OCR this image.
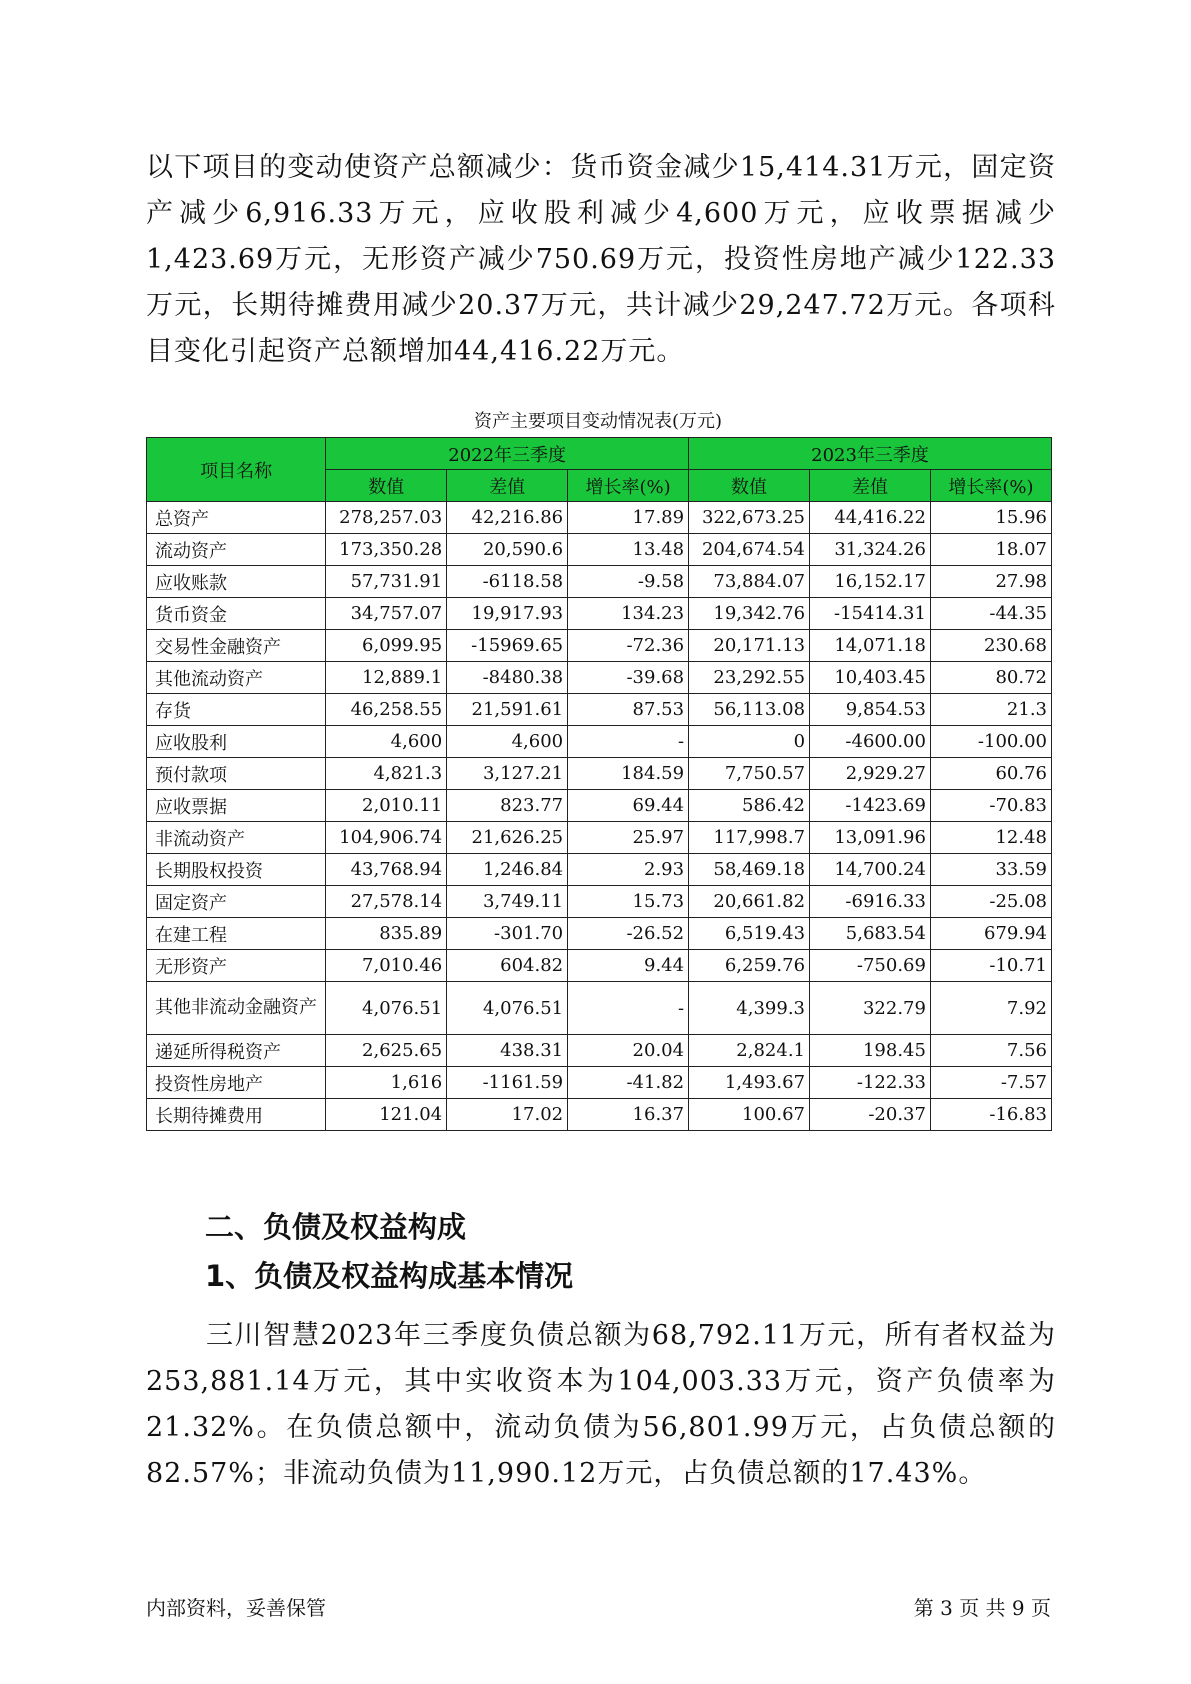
以下项目的变动使资产总额减少：货币资金减少15,414.31万元，固定资产减少6,916.33万元，应收股利减少4,600万元，应收票据减少1,423.69万元，无形资产减少750.69万元，投资性房地产减少122.33万元，长期待摊费用减少20.37万元，共计减少29,247.72万元。各项科目变化引起资产总额增加44,416.22万元。

资产主要项目变动情况表(万元)
项目名称	2022年三季度			2023年三季度		
	数值	差值	增长率(%)	数值	差值	增长率(%)
总资产	278,257.03	42,216.86	17.89	322,673.25	44,416.22	15.96
流动资产	173,350.28	20,590.6	13.48	204,674.54	31,324.26	18.07
应收账款	57,731.91	-6118.58	-9.58	73,884.07	16,152.17	27.98
货币资金	34,757.07	19,917.93	134.23	19,342.76	-15414.31	-44.35
交易性金融资产	6,099.95	-15969.65	-72.36	20,171.13	14,071.18	230.68
其他流动资产	12,889.1	-8480.38	-39.68	23,292.55	10,403.45	80.72
存货	46,258.55	21,591.61	87.53	56,113.08	9,854.53	21.3
应收股利	4,600	4,600	-	0	-4600.00	-100.00
预付款项	4,821.3	3,127.21	184.59	7,750.57	2,929.27	60.76
应收票据	2,010.11	823.77	69.44	586.42	-1423.69	-70.83
非流动资产	104,906.74	21,626.25	25.97	117,998.7	13,091.96	12.48
长期股权投资	43,768.94	1,246.84	2.93	58,469.18	14,700.24	33.59
固定资产	27,578.14	3,749.11	15.73	20,661.82	-6916.33	-25.08
在建工程	835.89	-301.70	-26.52	6,519.43	5,683.54	679.94
无形资产	7,010.46	604.82	9.44	6,259.76	-750.69	-10.71
其他非流动金融资产	4,076.51	4,076.51	-	4,399.3	322.79	7.92
递延所得税资产	2,625.65	438.31	20.04	2,824.1	198.45	7.56
投资性房地产	1,616	-1161.59	-41.82	1,493.67	-122.33	-7.57
长期待摊费用	121.04	17.02	16.37	100.67	-20.37	-16.83
二、负债及权益构成
1、负债及权益构成基本情况

三川智慧2023年三季度负债总额为68,792.11万元，所有者权益为253,881.14万元，其中实收资本为104,003.33万元，资产负债率为21.32%。在负债总额中，流动负债为56,801.99万元，占负债总额的82.57%；非流动负债为11,990.12万元，占负债总额的17.43%。

内部资料，妥善保管	第 3 页 共 9 页
